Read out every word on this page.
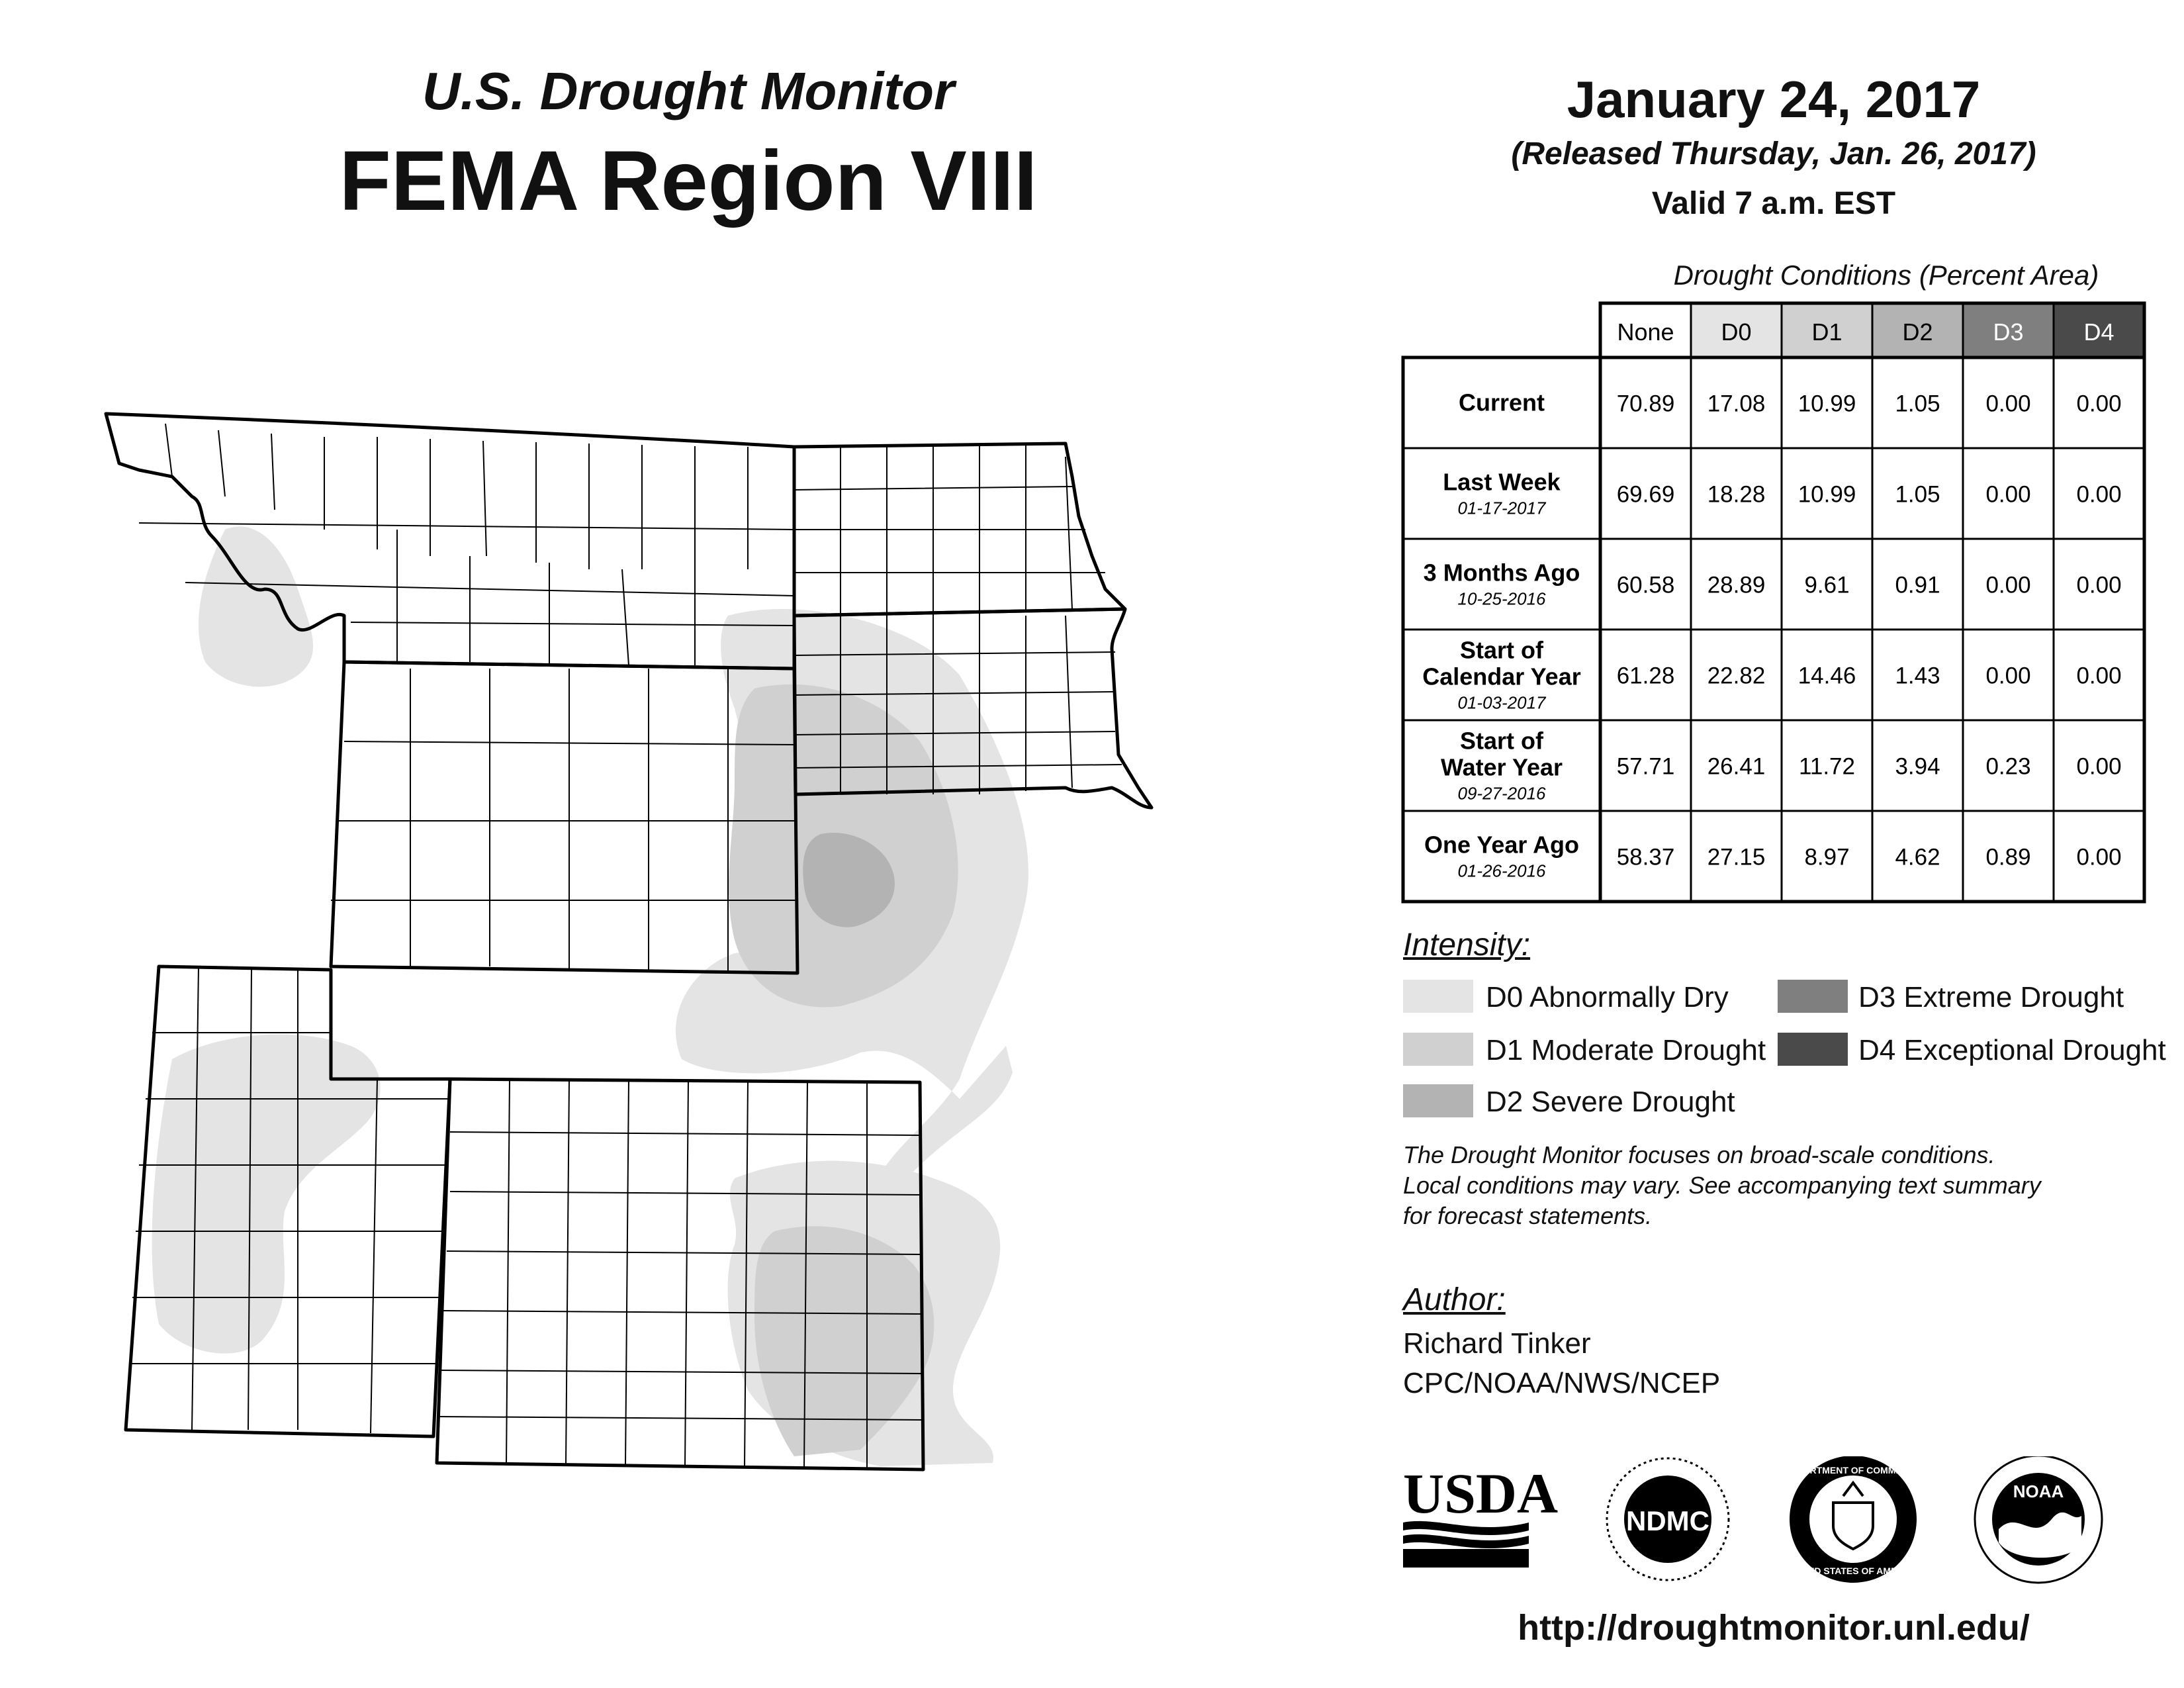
U.S. Drought Monitor
FEMA Region VIII
January 24, 2017
(Released Thursday, Jan. 26, 2017)
Valid 7 a.m. EST
Drought Conditions (Percent Area)
None D0	D1	D2	D3	D4
Current	70.89 17.08 10.99 1.05 0.00 0.00
Last Week
01-17-2017
69.69 18.28 10.99 1.05 0.00 0.00
3 Months Ago
10-25-2016
60.58 28.89 9.61 0.91 0.00 0.00
Start of
Calendar Year
01-03-2017
61.28 22.82 14.46 1.43 0.00 0.00
Start of
Water Year
09-27-2016
57.71 26.41 11.72 3.94 0.23 0.00
One Year Ago
01-26-2016
58.37 27.15 8.97 4.62 0.89 0.00
Intensity:
D0 Abnormally Dry
D1 Moderate Drought
D2 Severe Drought
D3 Extreme Drought
D4 Exceptional Drought
The Drought Monitor focuses on broad-scale conditions.
Local conditions may vary. See accompanying text summary
for forecast statements.
Author:
Richard Tinker
CPC/NOAA/NWS/NCEP
USDA NDMC
DEPARTMENT OF COMMERCE
UNITED STATES OF AMERICA
NOAA
http://droughtmonitor.unl.edu/
